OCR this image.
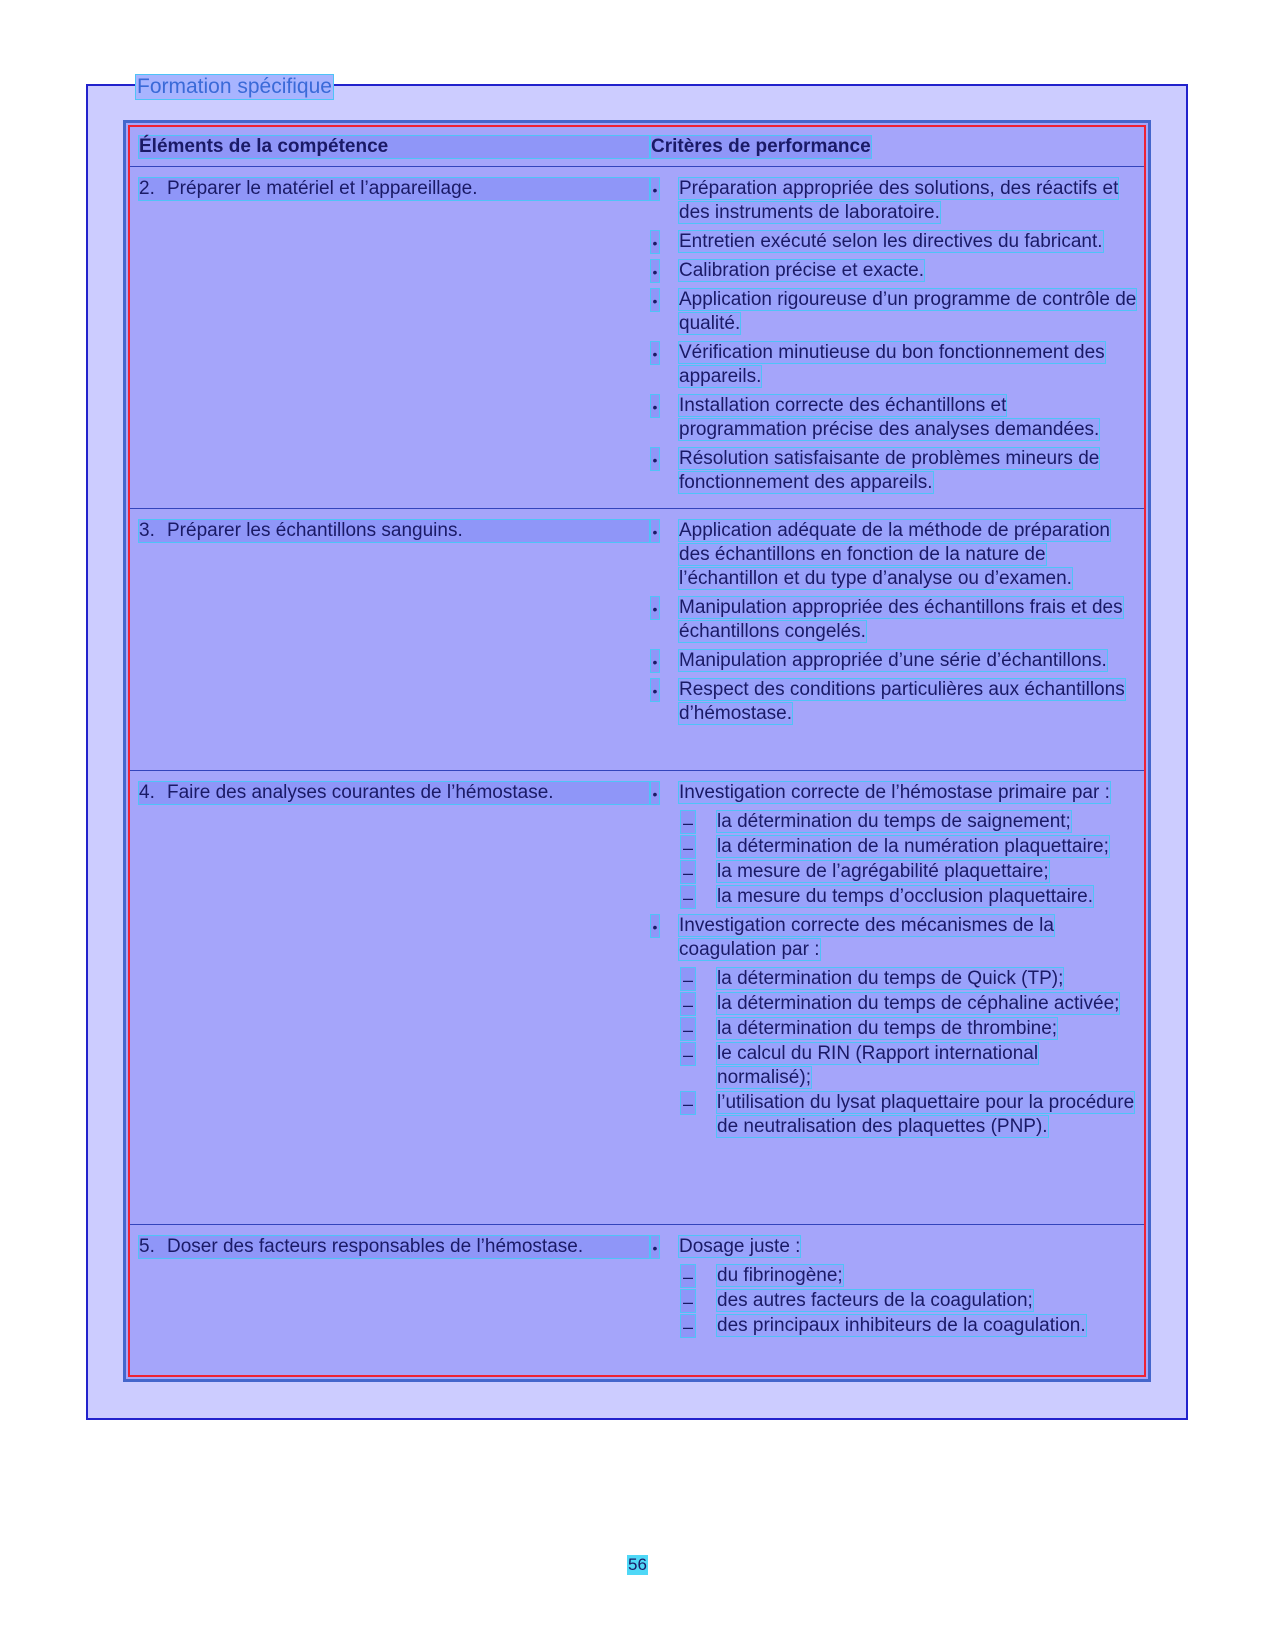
Formation spécifique
Éléments de la compétence	Critères de performance
2. Préparer le matériel et l’appareillage.	• Préparation appropriée des solutions, des réactifs et des instruments de laboratoire.
• Entretien exécuté selon les directives du fabricant.
• Calibration précise et exacte.
• Application rigoureuse d’un programme de contrôle de qualité.
• Vérification minutieuse du bon fonctionnement des appareils.
• Installation correcte des échantillons et programmation précise des analyses demandées.
• Résolution satisfaisante de problèmes mineurs de fonctionnement des appareils.
3. Préparer les échantillons sanguins.	• Application adéquate de la méthode de préparation des échantillons en fonction de la nature de l’échantillon et du type d’analyse ou d’examen.
• Manipulation appropriée des échantillons frais et des échantillons congelés.
• Manipulation appropriée d’une série d’échantillons.
• Respect des conditions particulières aux échantillons d’hémostase.
4. Faire des analyses courantes de l’hémostase.	• Investigation correcte de l’hémostase primaire par :
– la détermination du temps de saignement;
– la détermination de la numération plaquettaire;
– la mesure de l’agrégabilité plaquettaire;
– la mesure du temps d’occlusion plaquettaire.
• Investigation correcte des mécanismes de la coagulation par :
– la détermination du temps de Quick (TP);
– la détermination du temps de céphaline activée;
– la détermination du temps de thrombine;
– le calcul du RIN (Rapport international normalisé);
– l’utilisation du lysat plaquettaire pour la procédure de neutralisation des plaquettes (PNP).
5. Doser des facteurs responsables de l’hémostase.	• Dosage juste :
– du fibrinogène;
– des autres facteurs de la coagulation;
– des principaux inhibiteurs de la coagulation.
56
